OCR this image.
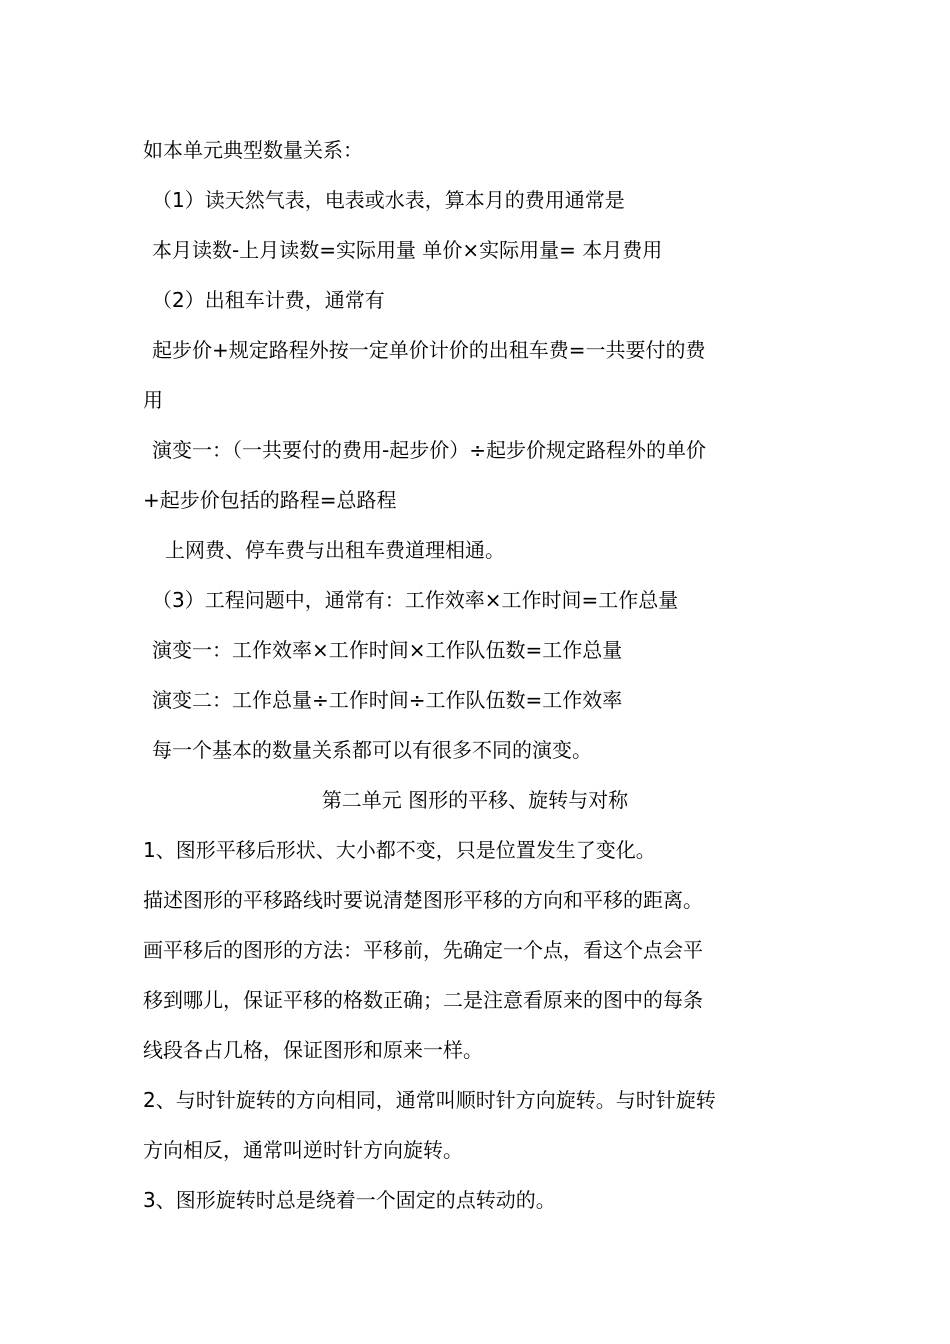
如本单元典型数量关系：
（1）读天然气表，电表或水表，算本月的费用通常是
本月读数-上月读数=实际用量 单价×实际用量= 本月费用
（2）出租车计费，通常有
起步价+规定路程外按一定单价计价的出租车费=一共要付的费
用
演变一：（一共要付的费用-起步价）÷起步价规定路程外的单价
+起步价包括的路程=总路程
上网费、停车费与出租车费道理相通。
（3）工程问题中，通常有：工作效率×工作时间=工作总量
演变一：工作效率×工作时间×工作队伍数=工作总量
演变二：工作总量÷工作时间÷工作队伍数=工作效率
每一个基本的数量关系都可以有很多不同的演变。
第二单元 图形的平移、旋转与对称
1、图形平移后形状、大小都不变，只是位置发生了变化。
描述图形的平移路线时要说清楚图形平移的方向和平移的距离。
画平移后的图形的方法：平移前，先确定一个点，看这个点会平
移到哪儿，保证平移的格数正确；二是注意看原来的图中的每条
线段各占几格，保证图形和原来一样。
2、与时针旋转的方向相同，通常叫顺时针方向旋转。与时针旋转
方向相反，通常叫逆时针方向旋转。
3、图形旋转时总是绕着一个固定的点转动的。
